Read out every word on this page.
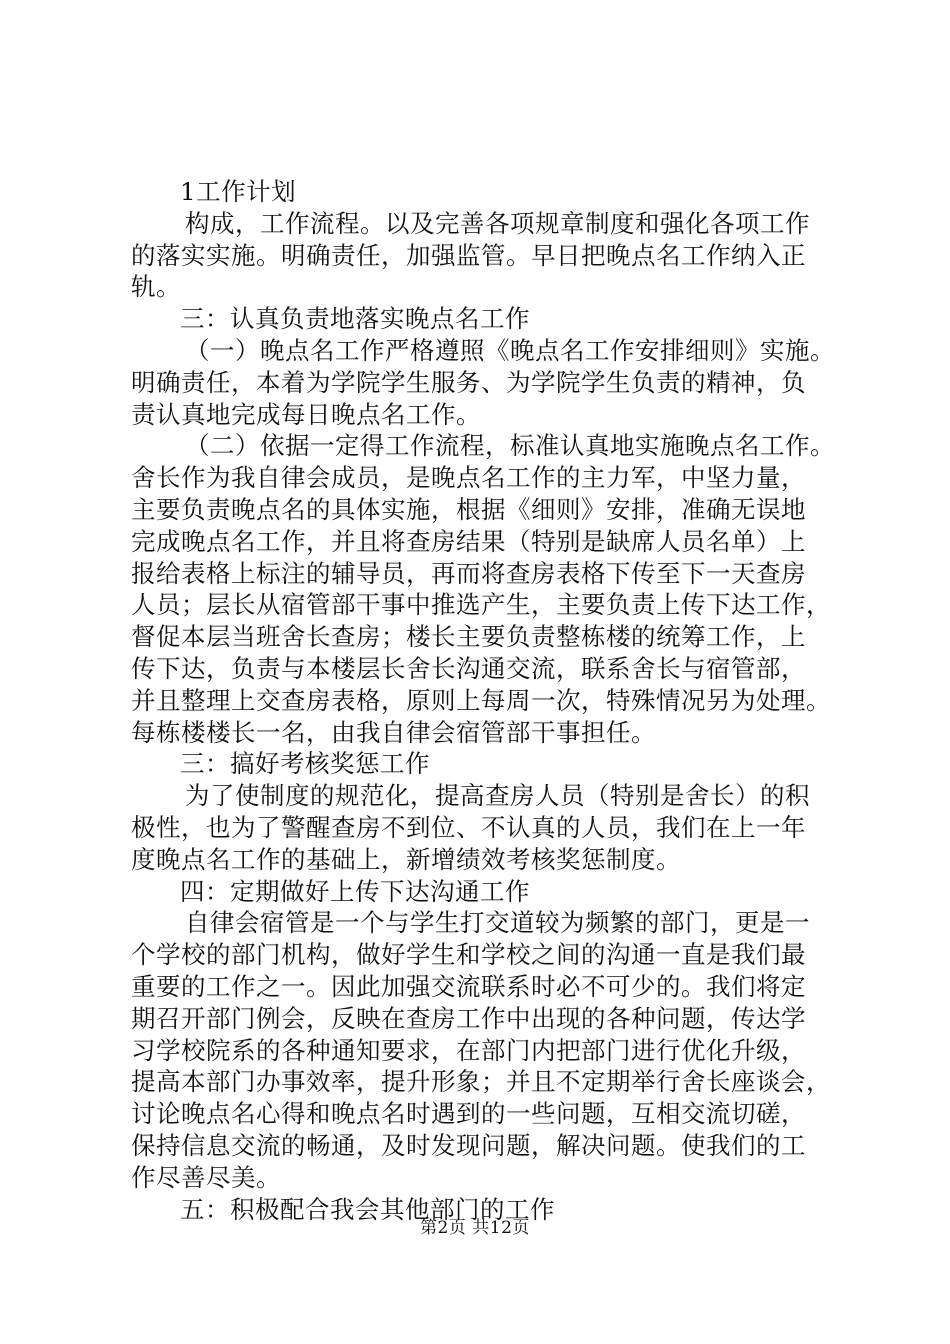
1工作计划
构成，工作流程。以及完善各项规章制度和强化各项工作
的落实实施。明确责任，加强监管。早日把晚点名工作纳入正
轨。
三：认真负责地落实晚点名工作
（一）晚点名工作严格遵照《晚点名工作安排细则》实施。
明确责任，本着为学院学生服务、为学院学生负责的精神，负
责认真地完成每日晚点名工作。
（二）依据一定得工作流程，标准认真地实施晚点名工作。
舍长作为我自律会成员，是晚点名工作的主力军，中坚力量，
主要负责晚点名的具体实施，根据《细则》安排，准确无误地
完成晚点名工作，并且将查房结果（特别是缺席人员名单）上
报给表格上标注的辅导员，再而将查房表格下传至下一天查房
人员；层长从宿管部干事中推选产生，主要负责上传下达工作，
督促本层当班舍长查房；楼长主要负责整栋楼的统筹工作，上
传下达，负责与本楼层长舍长沟通交流，联系舍长与宿管部，
并且整理上交查房表格，原则上每周一次，特殊情况另为处理。
每栋楼楼长一名，由我自律会宿管部干事担任。
三：搞好考核奖惩工作
为了使制度的规范化，提高查房人员（特别是舍长）的积
极性，也为了警醒查房不到位、不认真的人员，我们在上一年
度晚点名工作的基础上，新增绩效考核奖惩制度。
四：定期做好上传下达沟通工作
自律会宿管是一个与学生打交道较为频繁的部门，更是一
个学校的部门机构，做好学生和学校之间的沟通一直是我们最
重要的工作之一。因此加强交流联系时必不可少的。我们将定
期召开部门例会，反映在查房工作中出现的各种问题，传达学
习学校院系的各种通知要求，在部门内把部门进行优化升级，
提高本部门办事效率，提升形象；并且不定期举行舍长座谈会，
讨论晚点名心得和晚点名时遇到的一些问题，互相交流切磋，
保持信息交流的畅通，及时发现问题，解决问题。使我们的工
作尽善尽美。
五：积极配合我会其他部门的工作
第2页 共12页
